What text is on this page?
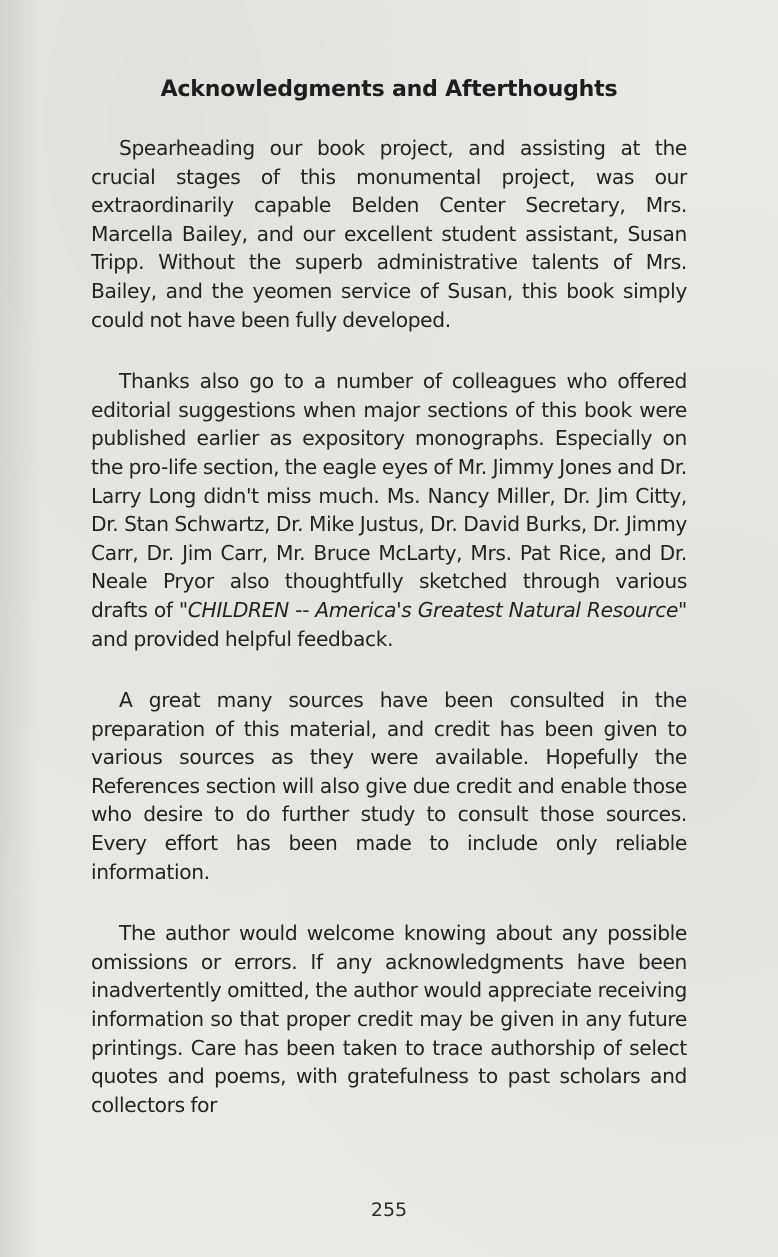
Acknowledgments and Afterthoughts

Spearheading our book project, and assisting at the crucial stages of this monumental project, was our extraordinarily capable Belden Center Secretary, Mrs. Marcella Bailey, and our excellent student assistant, Susan Tripp. Without the superb administrative talents of Mrs. Bailey, and the yeomen service of Susan, this book simply could not have been fully developed.

Thanks also go to a number of colleagues who offered editorial suggestions when major sections of this book were published earlier as expository monographs. Especially on the pro-life section, the eagle eyes of Mr. Jimmy Jones and Dr. Larry Long didn't miss much. Ms. Nancy Miller, Dr. Jim Citty, Dr. Stan Schwartz, Dr. Mike Justus, Dr. David Burks, Dr. Jimmy Carr, Dr. Jim Carr, Mr. Bruce McLarty, Mrs. Pat Rice, and Dr. Neale Pryor also thoughtfully sketched through various drafts of "CHILDREN -- America's Greatest Natural Resource" and provided helpful feedback.

A great many sources have been consulted in the preparation of this material, and credit has been given to various sources as they were available. Hopefully the References section will also give due credit and enable those who desire to do further study to consult those sources. Every effort has been made to include only reliable information.

The author would welcome knowing about any possible omissions or errors. If any acknowledgments have been inadvertently omitted, the author would appreciate receiving information so that proper credit may be given in any future printings. Care has been taken to trace authorship of select quotes and poems, with gratefulness to past scholars and collectors for

255
